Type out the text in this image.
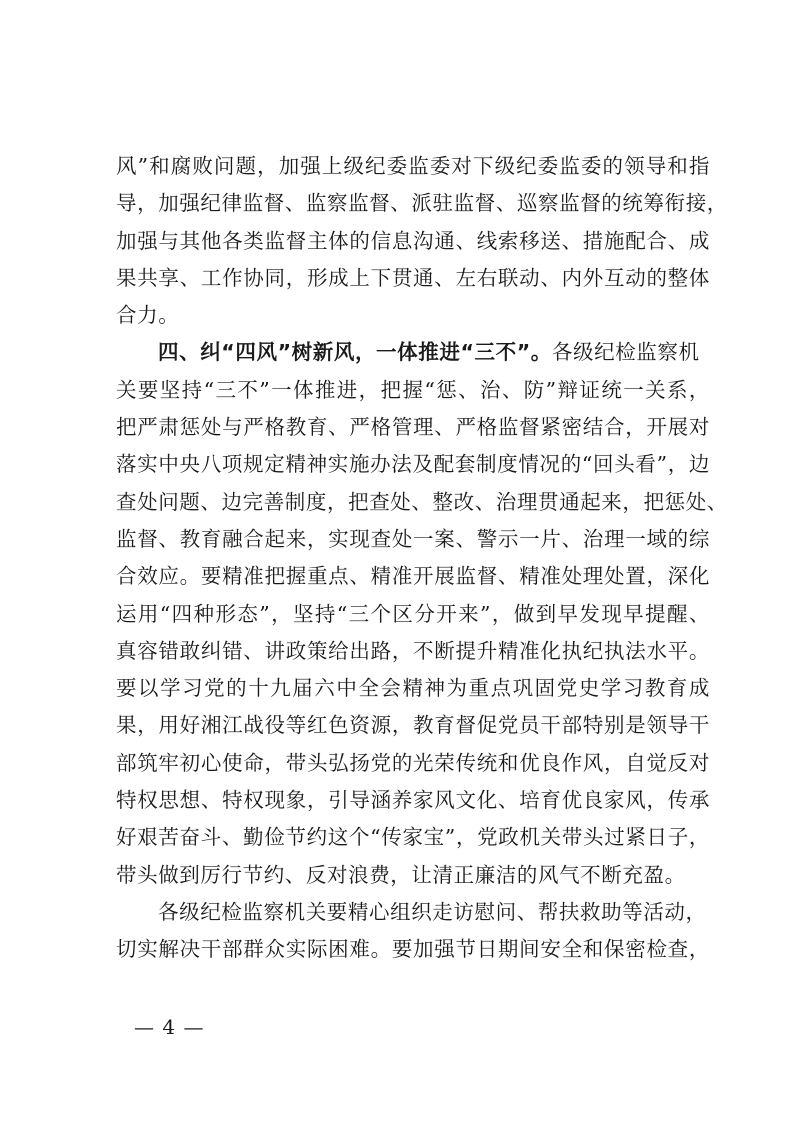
风”和腐败问题，加强上级纪委监委对下级纪委监委的领导和指
导，加强纪律监督、监察监督、派驻监督、巡察监督的统筹衔接，
加强与其他各类监督主体的信息沟通、线索移送、措施配合、成
果共享、工作协同，形成上下贯通、左右联动、内外互动的整体
合力。
四、纠“四风”树新风，一体推进“三不”。各级纪检监察机
关要坚持“三不”一体推进，把握“惩、治、防”辩证统一关系，
把严肃惩处与严格教育、严格管理、严格监督紧密结合，开展对
落实中央八项规定精神实施办法及配套制度情况的“回头看”，边
查处问题、边完善制度，把查处、整改、治理贯通起来，把惩处、
监督、教育融合起来，实现查处一案、警示一片、治理一域的综
合效应。要精准把握重点、精准开展监督、精准处理处置，深化
运用“四种形态”，坚持“三个区分开来”，做到早发现早提醒、
真容错敢纠错、讲政策给出路，不断提升精准化执纪执法水平。
要以学习党的十九届六中全会精神为重点巩固党史学习教育成
果，用好湘江战役等红色资源，教育督促党员干部特别是领导干
部筑牢初心使命，带头弘扬党的光荣传统和优良作风，自觉反对
特权思想、特权现象，引导涵养家风文化、培育优良家风，传承
好艰苦奋斗、勤俭节约这个“传家宝”，党政机关带头过紧日子，
带头做到厉行节约、反对浪费，让清正廉洁的风气不断充盈。
各级纪检监察机关要精心组织走访慰问、帮扶救助等活动，
切实解决干部群众实际困难。要加强节日期间安全和保密检查，
— 4 —
